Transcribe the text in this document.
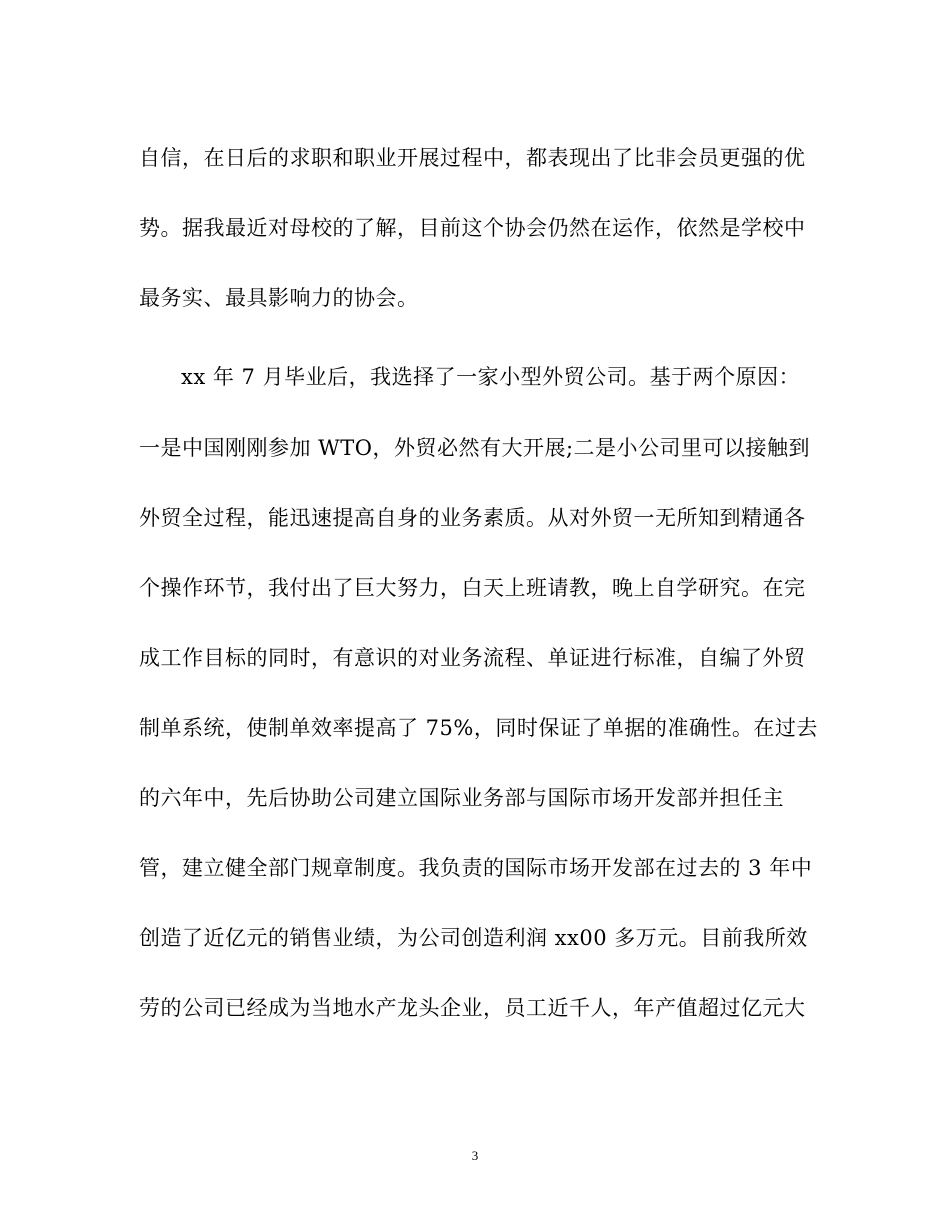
自信，在日后的求职和职业开展过程中，都表现出了比非会员更强的优
势。据我最近对母校的了解，目前这个协会仍然在运作，依然是学校中
最务实、最具影响力的协会。
xx 年 7 月毕业后，我选择了一家小型外贸公司。基于两个原因：
一是中国刚刚参加 WTO，外贸必然有大开展;二是小公司里可以接触到
外贸全过程，能迅速提高自身的业务素质。从对外贸一无所知到精通各
个操作环节，我付出了巨大努力，白天上班请教，晚上自学研究。在完
成工作目标的同时，有意识的对业务流程、单证进行标准，自编了外贸
制单系统，使制单效率提高了 75%，同时保证了单据的准确性。在过去
的六年中，先后协助公司建立国际业务部与国际市场开发部并担任主
管，建立健全部门规章制度。我负责的国际市场开发部在过去的 3 年中
创造了近亿元的销售业绩，为公司创造利润 xx00 多万元。目前我所效
劳的公司已经成为当地水产龙头企业，员工近千人，年产值超过亿元大
3
